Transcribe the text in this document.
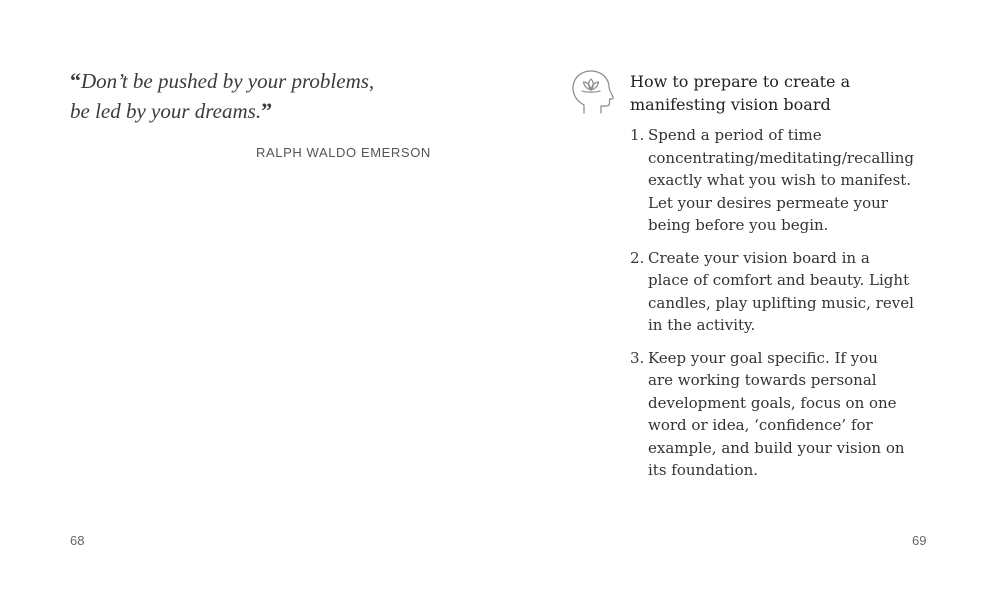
“Don’t be pushed by your problems,
be led by your dreams.”
RALPH WALDO EMERSON
68
How to prepare to create a
manifesting vision board
1. Spend a period of time
concentrating/meditating/recalling
exactly what you wish to manifest.
Let your desires permeate your
being before you begin.
2. Create your vision board in a
place of comfort and beauty. Light
candles, play uplifting music, revel
in the activity.
3. Keep your goal specific. If you
are working towards personal
development goals, focus on one
word or idea, ‘confidence’ for
example, and build your vision on
its foundation.
69
